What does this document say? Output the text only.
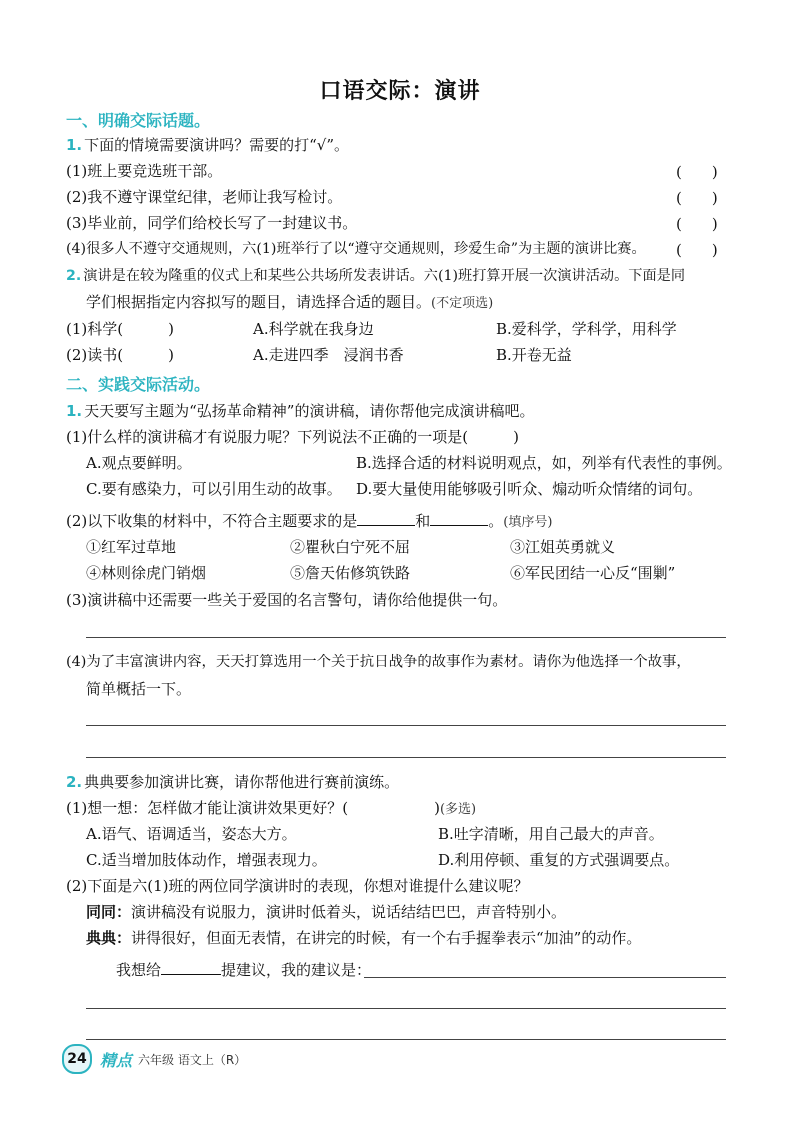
口语交际：演讲
一、明确交际话题。
1. 下面的情境需要演讲吗？需要的打“√”。
(1)班上要竞选班干部。	(　　)
(2)我不遵守课堂纪律，老师让我写检讨。	(　　)
(3)毕业前，同学们给校长写了一封建议书。	(　　)
(4)很多人不遵守交通规则，六(1)班举行了以“遵守交通规则，珍爱生命”为主题的演讲比赛。 (　　)
2. 演讲是在较为隆重的仪式上和某些公共场所发表讲话。六(1)班打算开展一次演讲活动。下面是同
学们根据指定内容拟写的题目，请选择合适的题目。(不定项选)
(1)科学(　　　)	A.科学就在我身边	B.爱科学，学科学，用科学
(2)读书(　　　)	A.走进四季　浸润书香	B.开卷无益
二、实践交际活动。
1. 天天要写主题为“弘扬革命精神”的演讲稿，请你帮他完成演讲稿吧。
(1)什么样的演讲稿才有说服力呢？下列说法不正确的一项是(　　　)
A.观点要鲜明。	B.选择合适的材料说明观点，如，列举有代表性的事例。
C.要有感染力，可以引用生动的故事。 D.要大量使用能够吸引听众、煽动听众情绪的词句。
(2)以下收集的材料中，不符合主题要求的是	和	。(填序号)
①红军过草地	②瞿秋白宁死不屈	③江姐英勇就义
④林则徐虎门销烟	⑤詹天佑修筑铁路	⑥军民团结一心反“围剿”
(3)演讲稿中还需要一些关于爱国的名言警句，请你给他提供一句。
(4)为了丰富演讲内容，天天打算选用一个关于抗日战争的故事作为素材。请你为他选择一个故事，
简单概括一下。
2. 典典要参加演讲比赛，请你帮他进行赛前演练。
(1)想一想：怎样做才能让演讲效果更好？(	)(多选)
A.语气、语调适当，姿态大方。	B.吐字清晰，用自己最大的声音。
C.适当增加肢体动作，增强表现力。	D.利用停顿、重复的方式强调要点。
(2)下面是六(1)班的两位同学演讲时的表现，你想对谁提什么建议呢？
同同：演讲稿没有说服力，演讲时低着头，说话结结巴巴，声音特别小。
典典：讲得很好，但面无表情，在讲完的时候，有一个右手握拳表示“加油”的动作。
我想给	提建议，我的建议是：
24 精点 六年级 语文上（R）
